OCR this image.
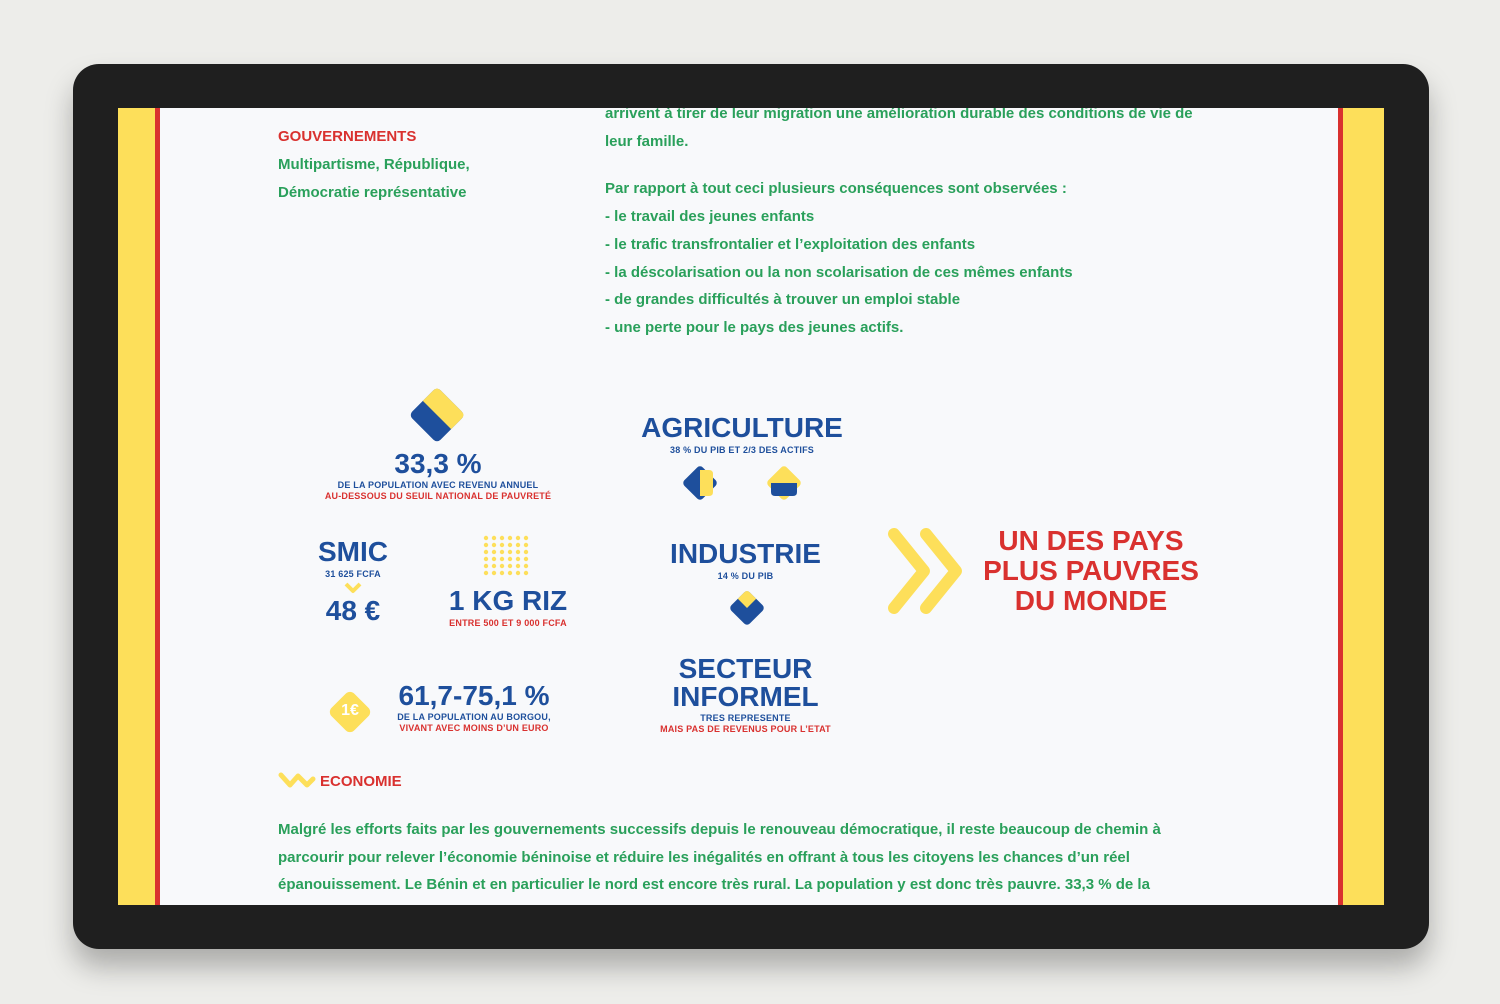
GOUVERNEMENTS

Multipartisme, République,

Démocratie représentative

arrivent à tirer de leur migration une amélioration durable des conditions de vie de

leur famille.

Par rapport à tout ceci plusieurs conséquences sont observées :

- le travail des jeunes enfants

- le trafic transfrontalier et l’exploitation des enfants

- la déscolarisation ou la non scolarisation de ces mêmes enfants

- de grandes difficultés à trouver un emploi stable

- une perte pour le pays des jeunes actifs.

33,3 %
DE LA POPULATION AVEC REVENU ANNUEL
AU-DESSOUS DU SEUIL NATIONAL DE PAUVRETÉ
SMIC
31 625 FCFA
48 €	1 KG RIZ
ENTRE 500 ET 9 000 FCFA
1€	61,7-75,1 %
DE LA POPULATION AU BORGOU,
VIVANT AVEC MOINS D’UN EURO
AGRICULTURE
38 % DU PIB ET 2/3 DES ACTIFS
INDUSTRIE
14 % DU PIB
SECTEUR
INFORMEL
TRES REPRESENTE
MAIS PAS DE REVENUS POUR L’ETAT
UN DES PAYS
PLUS PAUVRES
DU MONDE
ECONOMIE

Malgré les efforts faits par les gouvernements successifs depuis le renouveau démocratique, il reste beaucoup de chemin à

parcourir pour relever l’économie béninoise et réduire les inégalités en offrant à tous les citoyens les chances d’un réel

épanouissement. Le Bénin et en particulier le nord est encore très rural. La population y est donc très pauvre. 33,3 % de la
